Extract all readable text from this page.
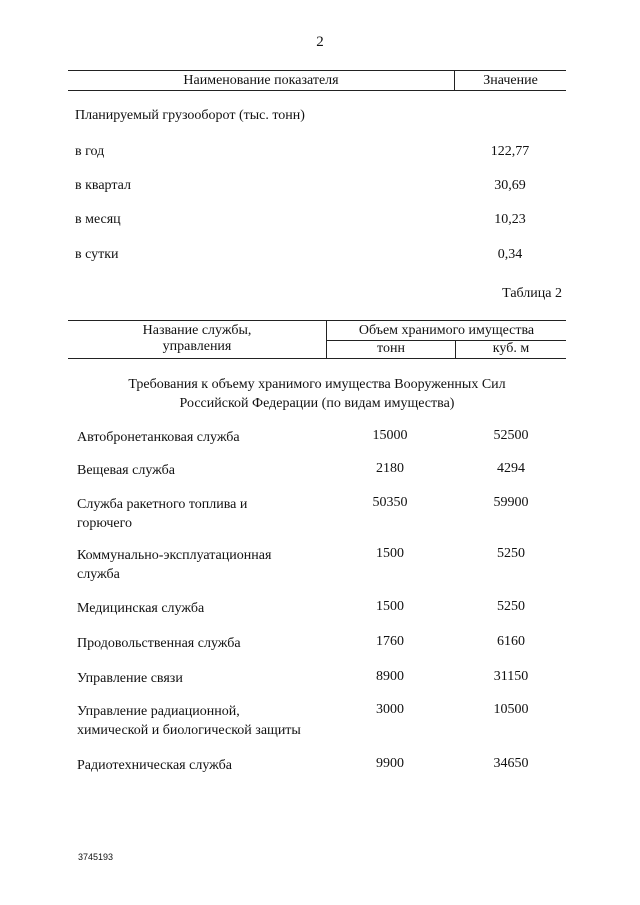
2
Наименование показателя	Значение
Планируемый грузооборот (тыс. тонн)
в год	122,77
в квартал	30,69
в месяц	10,23
в сутки	0,34
Таблица 2
Название службы,
управления
Объем хранимого имущества
тонн	куб. м
Требования к объему хранимого имущества Вооруженных Сил
Российской Федерации (по видам имущества)
Автобронетанковая служба	15000	52500
Вещевая служба	2180	4294
Служба ракетного топлива и
горючего
50350	59900
Коммунально-эксплуатационная
служба
1500	5250
Медицинская служба	1500	5250
Продовольственная служба	1760	6160
Управление связи	8900	31150
Управление радиационной,
химической и биологической защиты
3000	10500
Радиотехническая служба	9900	34650
3745193
